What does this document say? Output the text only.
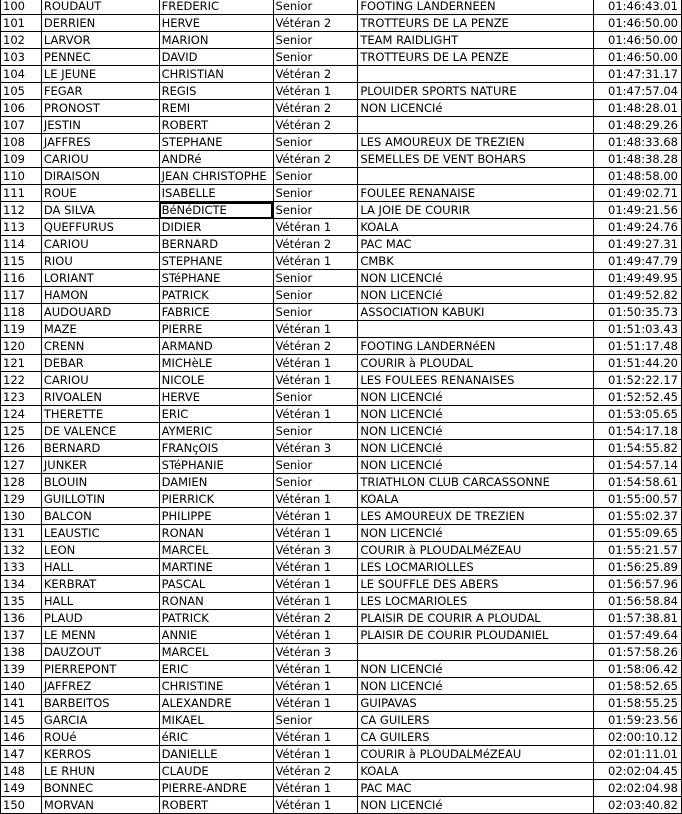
100	ROUDAUT	FREDERIC	Senior	FOOTING LANDERNEEN	01:46:43.01
101	DERRIEN	HERVE	Vétéran 2	TROTTEURS DE LA PENZE	01:46:50.00
102	LARVOR	MARION	Senior	TEAM RAIDLIGHT	01:46:50.00
103	PENNEC	DAVID	Senior	TROTTEURS DE LA PENZE	01:46:50.00
104	LE JEUNE	CHRISTIAN	Vétéran 2		01:47:31.17
105	FEGAR	REGIS	Vétéran 1	PLOUIDER SPORTS NATURE	01:47:57.04
106	PRONOST	REMI	Vétéran 2	NON LICENCIé	01:48:28.01
107	JESTIN	ROBERT	Vétéran 2		01:48:29.26
108	JAFFRES	STEPHANE	Senior	LES AMOUREUX DE TREZIEN	01:48:33.68
109	CARIOU	ANDRé	Vétéran 2	SEMELLES DE VENT BOHARS	01:48:38.28
110	DIRAISON	JEAN CHRISTOPHE	Senior		01:48:58.00
111	ROUE	ISABELLE	Senior	FOULEE RENANAISE	01:49:02.71
112	DA SILVA	BéNéDICTE	Senior	LA JOIE DE COURIR	01:49:21.56
113	QUEFFURUS	DIDIER	Vétéran 1	KOALA	01:49:24.76
114	CARIOU	BERNARD	Vétéran 2	PAC MAC	01:49:27.31
115	RIOU	STEPHANE	Vétéran 1	CMBK	01:49:47.79
116	LORIANT	STéPHANE	Senior	NON LICENCIé	01:49:49.95
117	HAMON	PATRICK	Senior	NON LICENCIé	01:49:52.82
118	AUDOUARD	FABRICE	Senior	ASSOCIATION KABUKI	01:50:35.73
119	MAZE	PIERRE	Vétéran 1		01:51:03.43
120	CRENN	ARMAND	Vétéran 2	FOOTING LANDERNéEN	01:51:17.48
121	DEBAR	MICHèLE	Vétéran 1	COURIR à PLOUDAL	01:51:44.20
122	CARIOU	NICOLE	Vétéran 1	LES FOULEES RENANAISES	01:52:22.17
123	RIVOALEN	HERVE	Senior	NON LICENCIé	01:52:52.45
124	THERETTE	ERIC	Vétéran 1	NON LICENCIé	01:53:05.65
125	DE VALENCE	AYMERIC	Senior	NON LICENCIé	01:54:17.18
126	BERNARD	FRANçOIS	Vétéran 3	NON LICENCIé	01:54:55.82
127	JUNKER	STéPHANIE	Senior	NON LICENCIé	01:54:57.14
128	BLOUIN	DAMIEN	Senior	TRIATHLON CLUB CARCASSONNE	01:54:58.61
129	GUILLOTIN	PIERRICK	Vétéran 1	KOALA	01:55:00.57
130	BALCON	PHILIPPE	Vétéran 1	LES AMOUREUX DE TREZIEN	01:55:02.37
131	LEAUSTIC	RONAN	Vétéran 1	NON LICENCIé	01:55:09.65
132	LEON	MARCEL	Vétéran 3	COURIR à PLOUDALMéZEAU	01:55:21.57
133	HALL	MARTINE	Vétéran 1	LES LOCMARIOLLES	01:56:25.89
134	KERBRAT	PASCAL	Vétéran 1	LE SOUFFLE DES ABERS	01:56:57.96
135	HALL	RONAN	Vétéran 1	LES LOCMARIOLES	01:56:58.84
136	PLAUD	PATRICK	Vétéran 2	PLAISIR DE COURIR A PLOUDAL	01:57:38.81
137	LE MENN	ANNIE	Vétéran 1	PLAISIR DE COURIR PLOUDANIEL	01:57:49.64
138	DAUZOUT	MARCEL	Vétéran 3		01:57:58.26
139	PIERREPONT	ERIC	Vétéran 1	NON LICENCIé	01:58:06.42
140	JAFFREZ	CHRISTINE	Vétéran 1	NON LICENCIé	01:58:52.65
141	BARBEITOS	ALEXANDRE	Vétéran 1	GUIPAVAS	01:58:55.25
145	GARCIA	MIKAEL	Senior	CA GUILERS	01:59:23.56
146	ROUé	éRIC	Vétéran 1	CA GUILERS	02:00:10.12
147	KERROS	DANIELLE	Vétéran 1	COURIR à PLOUDALMéZEAU	02:01:11.01
148	LE RHUN	CLAUDE	Vétéran 2	KOALA	02:02:04.45
149	BONNEC	PIERRE-ANDRE	Vétéran 1	PAC MAC	02:02:04.98
150	MORVAN	ROBERT	Vétéran 1	NON LICENCIé	02:03:40.82
